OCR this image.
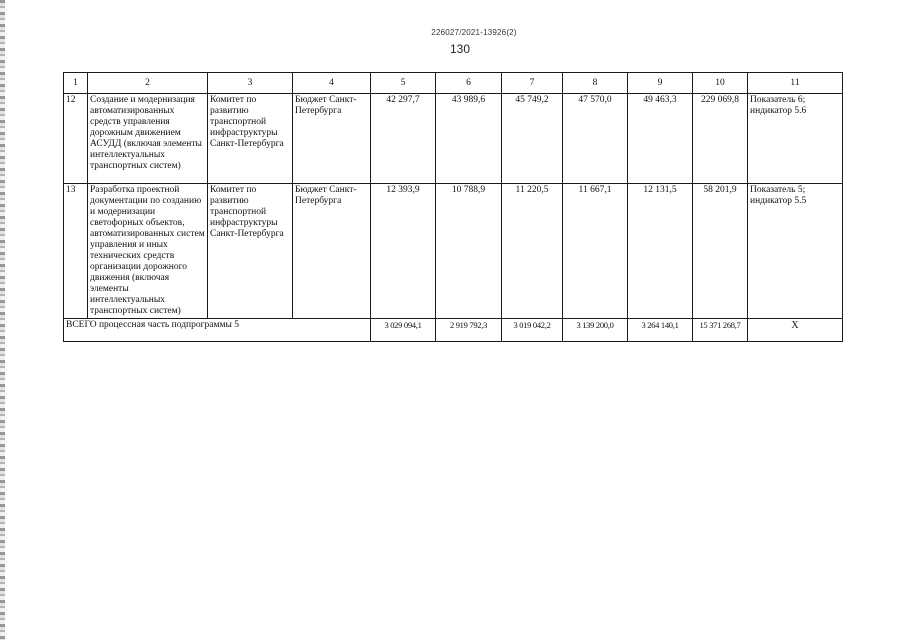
226027/2021-13926(2)
130
1	2	3	4	5	6	7	8	9	10	11
12	Создание и модернизация автоматизированных средств управления дорожным движением АСУДД (включая элементы интеллектуальных транспортных систем)	Комитет по развитию транспортной инфраструктуры Санкт-Петербурга	Бюджет Санкт-Петербурга	42 297,7	43 989,6	45 749,2	47 570,0	49 463,3	229 069,8	Показатель 6; индикатор 5.6
13	Разработка проектной документации по созданию и модернизации светофорных объектов, автоматизированных систем управления и иных технических средств организации дорожного движения (включая элементы интеллектуальных транспортных систем)	Комитет по развитию транспортной инфраструктуры Санкт-Петербурга	Бюджет Санкт-Петербурга	12 393,9	10 788,9	11 220,5	11 667,1	12 131,5	58 201,9	Показатель 5; индикатор 5.5
ВСЕГО процессная часть подпрограммы 5				3 029 094,1	2 919 792,3	3 019 042,2	3 139 200,0	3 264 140,1	15 371 268,7	Х
